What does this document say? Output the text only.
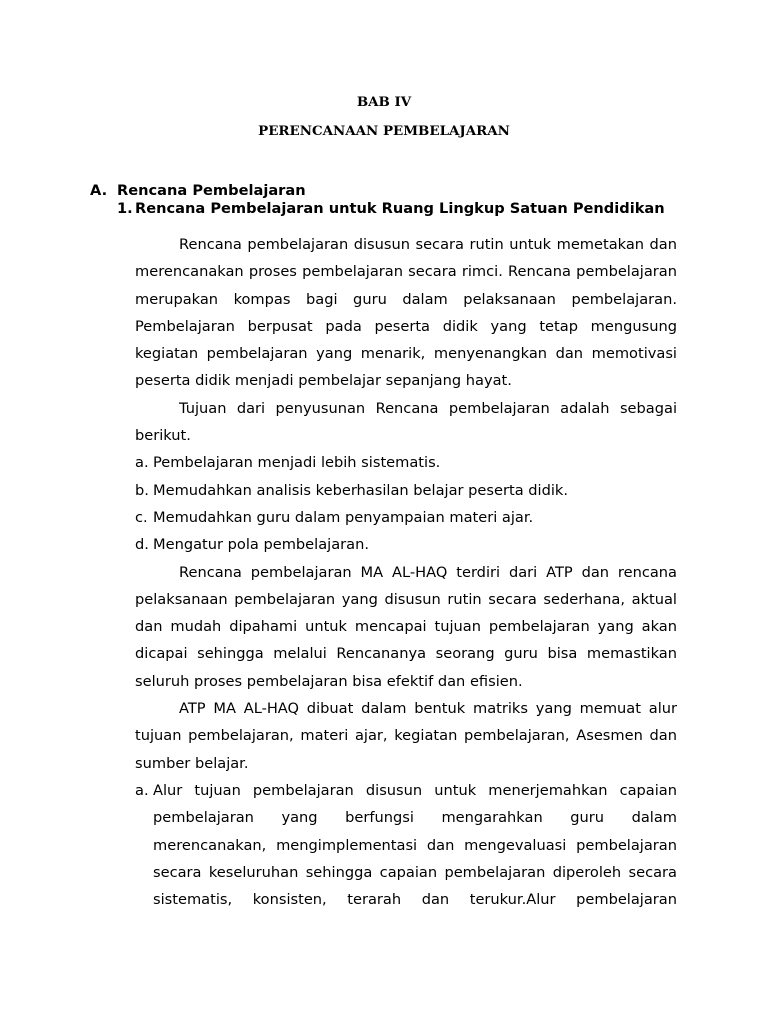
BAB IV

PERENCANAAN PEMBELAJARAN

A. Rencana Pembelajaran

1. Rencana Pembelajaran untuk Ruang Lingkup Satuan Pendidikan

Rencana pembelajaran disusun secara rutin untuk memetakan dan merencanakan proses pembelajaran secara rimci. Rencana pembelajaran merupakan kompas bagi guru dalam pelaksanaan pembelajaran. Pembelajaran berpusat pada peserta didik yang tetap mengusung kegiatan pembelajaran yang menarik, menyenangkan dan memotivasi peserta didik menjadi pembelajar sepanjang hayat.

Tujuan dari penyusunan Rencana pembelajaran adalah sebagai berikut.

a. Pembelajaran menjadi lebih sistematis.

b. Memudahkan analisis keberhasilan belajar peserta didik.

c. Memudahkan guru dalam penyampaian materi ajar.

d. Mengatur pola pembelajaran.

Rencana pembelajaran MA AL-HAQ terdiri dari ATP dan rencana pelaksanaan pembelajaran yang disusun rutin secara sederhana, aktual dan mudah dipahami untuk mencapai tujuan pembelajaran yang akan dicapai sehingga melalui Rencananya seorang guru bisa memastikan seluruh proses pembelajaran bisa efektif dan efisien.

ATP MA AL-HAQ dibuat dalam bentuk matriks yang memuat alur tujuan pembelajaran, materi ajar, kegiatan pembelajaran, Asesmen dan sumber belajar.

a. Alur tujuan pembelajaran disusun untuk menerjemahkan capaian pembelajaran yang berfungsi mengarahkan guru dalam merencanakan, mengimplementasi dan mengevaluasi pembelajaran secara keseluruhan sehingga capaian pembelajaran diperoleh secara sistematis, konsisten, terarah dan terukur.Alur pembelajaran
